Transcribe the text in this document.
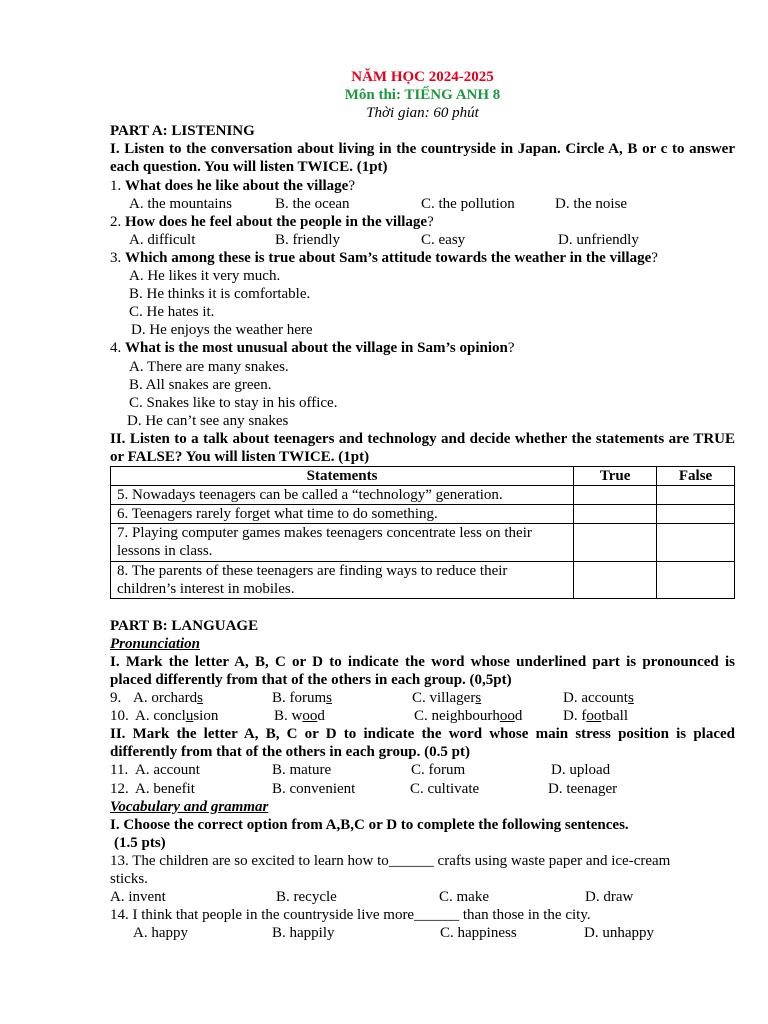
NĂM HỌC 2024-2025
Môn thi: TIẾNG ANH 8
Thời gian: 60 phút
PART A: LISTENING
I. Listen to the conversation about living in the countryside in Japan. Circle A, B or c to answer each question. You will listen TWICE. (1pt)
1. What does he like about the village?
A. the mountains	B. the ocean	C. the pollution	D. the noise
2. How does he feel about the people in the village?
A. difficult	B. friendly	C. easy	D. unfriendly
3. Which among these is true about Sam’s attitude towards the weather in the village?
A. He likes it very much.
B. He thinks it is comfortable.
C. He hates it.
D. He enjoys the weather here
4. What is the most unusual about the village in Sam’s opinion?
A. There are many snakes.
B. All snakes are green.
C. Snakes like to stay in his office.
D. He can’t see any snakes
II. Listen to a talk about teenagers and technology and decide whether the statements are TRUE or FALSE? You will listen TWICE. (1pt)
Statements	True	False
5. Nowadays teenagers can be called a “technology” generation.		
6. Teenagers rarely forget what time to do something.		
7. Playing computer games makes teenagers concentrate less on their lessons in class.		
8. The parents of these teenagers are finding ways to reduce their children’s interest in mobiles.		
PART B: LANGUAGE
Pronunciation
I. Mark the letter A, B, C or D to indicate the word whose underlined part is pronounced is placed differently from that of the others in each group. (0,5pt)
9. A. orchards	B. forums	C. villagers	D. accounts
10. A. conclusion	B. wood	C. neighbourhood	D. football
II. Mark the letter A, B, C or D to indicate the word whose main stress position is placed differently from that of the others in each group. (0.5 pt)
11. A. account	B. mature	C. forum	D. upload
12. A. benefit	B. convenient	C. cultivate	D. teenager
Vocabulary and grammar
I. Choose the correct option from A,B,C or D to complete the following sentences.
(1.5 pts)
13. The children are so excited to learn how to______ crafts using waste paper and ice-cream sticks.
A. invent	B. recycle	C. make	D. draw
14. I think that people in the countryside live more______ than those in the city.
A. happy	B. happily	C. happiness	D. unhappy
